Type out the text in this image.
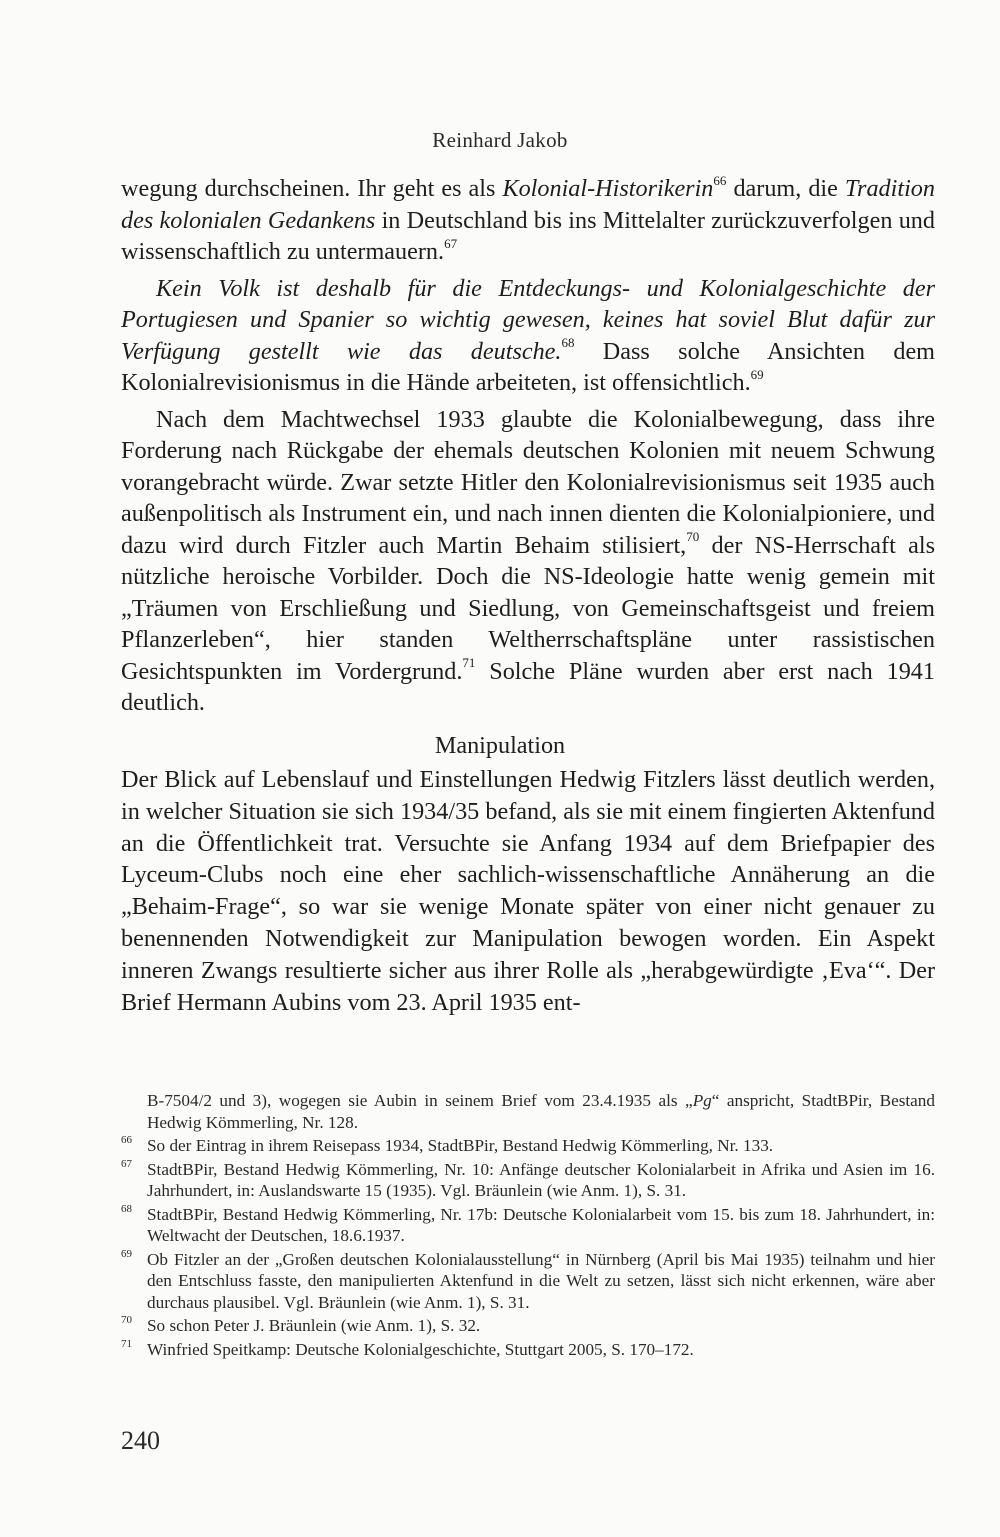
Reinhard Jakob

wegung durchscheinen. Ihr geht es als Kolonial-Historikerin$^{66}$ darum, die Tradition des kolonialen Gedankens in Deutschland bis ins Mittelalter zurückzuverfolgen und wissenschaftlich zu untermauern.$^{67}$

Kein Volk ist deshalb für die Entdeckungs- und Kolonialgeschichte der Portugiesen und Spanier so wichtig gewesen, keines hat soviel Blut dafür zur Verfügung gestellt wie das deutsche.$^{68}$ Dass solche Ansichten dem Kolonialrevisionismus in die Hände arbeiteten, ist offensichtlich.$^{69}$

Nach dem Machtwechsel 1933 glaubte die Kolonialbewegung, dass ihre Forderung nach Rückgabe der ehemals deutschen Kolonien mit neuem Schwung vorangebracht würde. Zwar setzte Hitler den Kolonialrevisionismus seit 1935 auch außenpolitisch als Instrument ein, und nach innen dienten die Kolonialpioniere, und dazu wird durch Fitzler auch Martin Behaim stilisiert,$^{70}$ der NS-Herrschaft als nützliche heroische Vorbilder. Doch die NS-Ideologie hatte wenig gemein mit „Träumen von Erschließung und Siedlung, von Gemeinschaftsgeist und freiem Pflanzerleben“, hier standen Weltherrschaftspläne unter rassistischen Gesichtspunkten im Vordergrund.$^{71}$ Solche Pläne wurden aber erst nach 1941 deutlich.

Manipulation

Der Blick auf Lebenslauf und Einstellungen Hedwig Fitzlers lässt deutlich werden, in welcher Situation sie sich 1934/35 befand, als sie mit einem fingierten Aktenfund an die Öffentlichkeit trat. Versuchte sie Anfang 1934 auf dem Briefpapier des Lyceum-Clubs noch eine eher sachlich-wissenschaftliche Annäherung an die „Behaim-Frage“, so war sie wenige Monate später von einer nicht genauer zu benennenden Notwendigkeit zur Manipulation bewogen worden. Ein Aspekt inneren Zwangs resultierte sicher aus ihrer Rolle als „herabgewürdigte ‚Eva‘“. Der Brief Hermann Aubins vom 23. April 1935 ent-

B-7504/2 und 3), wogegen sie Aubin in seinem Brief vom 23.4.1935 als „Pg“ anspricht, StadtBPir, Bestand Hedwig Kömmerling, Nr. 128.
66 So der Eintrag in ihrem Reisepass 1934, StadtBPir, Bestand Hedwig Kömmerling, Nr. 133.
67 StadtBPir, Bestand Hedwig Kömmerling, Nr. 10: Anfänge deutscher Kolonialarbeit in Afrika und Asien im 16. Jahrhundert, in: Auslandswarte 15 (1935). Vgl. Bräunlein (wie Anm. 1), S. 31.
68 StadtBPir, Bestand Hedwig Kömmerling, Nr. 17b: Deutsche Kolonialarbeit vom 15. bis zum 18. Jahrhundert, in: Weltwacht der Deutschen, 18.6.1937.
69 Ob Fitzler an der „Großen deutschen Kolonialausstellung“ in Nürnberg (April bis Mai 1935) teilnahm und hier den Entschluss fasste, den manipulierten Aktenfund in die Welt zu setzen, lässt sich nicht erkennen, wäre aber durchaus plausibel. Vgl. Bräunlein (wie Anm. 1), S. 31.
70 So schon Peter J. Bräunlein (wie Anm. 1), S. 32.
71 Winfried Speitkamp: Deutsche Kolonialgeschichte, Stuttgart 2005, S. 170–172.
240
